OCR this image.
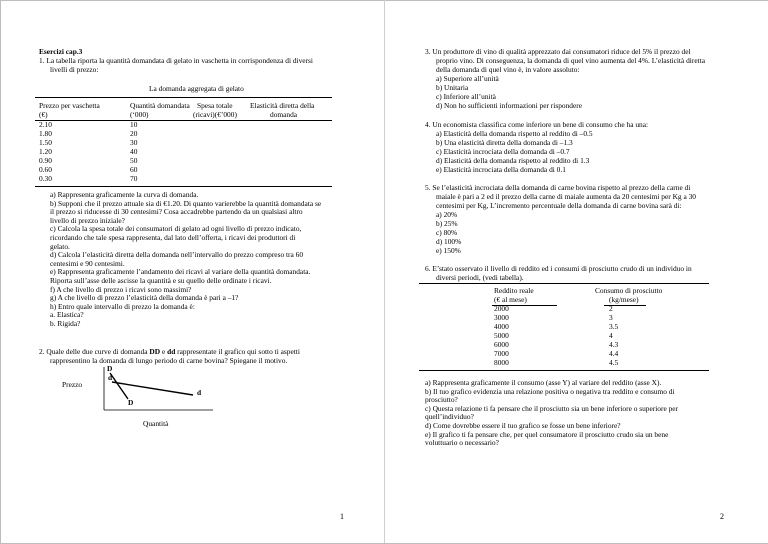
Esercizi cap.3
1. La tabella riporta la quantità domandata di gelato in vaschetta in corrispondenza di diversi
livelli di prezzo:
La domanda aggregata di gelato
Prezzo per vaschetta
(€)
Quantità domandata
(‘000)
Spesa totale
(ricavi)(€’000)
Elasticità diretta della
domanda
2.10
1.80
1.50
1.20
0.90
0.60
0.30
10
20
30
40
50
60
70
a) Rappresenta graficamente la curva di domanda.
b) Supponi che il prezzo attuale sia di €1.20. Di quanto varierebbe la quantità domandata se
il prezzo si riducesse di 30 centesimi? Cosa accadrebbe partendo da un qualsiasi altro
livello di prezzo iniziale?
c) Calcola la spesa totale dei consumatori di gelato ad ogni livello di prezzo indicato,
ricordando che tale spesa rappresenta, dal lato dell’offerta, i ricavi dei produttori di
gelato.
d) Calcola l’elasticità diretta della domanda nell’intervallo do prezzo compreso tra 60
centesimi e 90 centesimi.
e) Rappresenta graficamente l’andamento dei ricavi al variare della quantità domandata.
Riporta sull’asse delle ascisse la quantità e su quello delle ordinate i ricavi.
f) A che livello di prezzo i ricavi sono massimi?
g) A che livello di prezzo l’elasticità della domanda è pari a –1?
h) Entro quale intervallo di prezzo la domanda è:
a. Elastica?
b. Rigida?
2. Quale delle due curve di domanda DD e dd rappresentate il grafico qui sotto ti aspetti
rappresentino la domanda di lungo periodo di carne bovina? Spiegane il motivo.
D
d
d
D
Prezzo
Quantità
1
3. Un produttore di vino di qualità apprezzato dai consumatori riduce del 5% il prezzo del
proprio vino. Di conseguenza, la domanda di quel vino aumenta del 4%. L’elasticità diretta
della domanda di quel vino è, in valore assoluto:
a) Superiore all’unità
b) Unitaria
c) Inferiore all’unità
d) Non ho sufficienti informazioni per rispondere
4. Un economista classifica come inferiore un bene di consumo che ha una:
a) Elasticità della domanda rispetto al reddito di –0.5
b) Una elasticità diretta della domanda di –1.3
c) Elasticità incrociata della domanda di –0.7
d) Elasticità della domanda rispetto al reddito di 1.3
e) Elasticità incrociata della domanda di 0.1
5. Se l’elasticità incrociata della domanda di carne bovina rispetto al prezzo della carne di
maiale è pari a 2 ed il prezzo della carne di maiale aumenta da 20 centesimi per Kg a 30
centesimi per Kg, L’incremento percentuale della domanda di carne bovina sarà di:
a) 20%
b) 25%
c) 80%
d) 100%
e) 150%
6. E’stato osservato il livello di reddito ed i consumi di prosciutto crudo di un individuo in
diversi periodi, (vedi tabella).
Reddito reale
(€ al mese)
Consumo di prosciutto
(kg/mese)
2000
3000
4000
5000
6000
7000
8000
2
3
3.5
4
4.3
4.4
4.5
a) Rappresenta graficamente il consumo (asse Y) al variare del reddito (asse X).
b) Il tuo grafico evidenzia una relazione positiva o negativa tra reddito e consumo di
prosciutto?
c) Questa relazione ti fa pensare che il prosciutto sia un bene inferiore o superiore per
quell’individuo?
d) Come dovrebbe essere il tuo grafico se fosse un bene inferiore?
e) Il grafico ti fa pensare che, per quel consumatore il prosciutto crudo sia un bene
voluttuario o necessario?
2
